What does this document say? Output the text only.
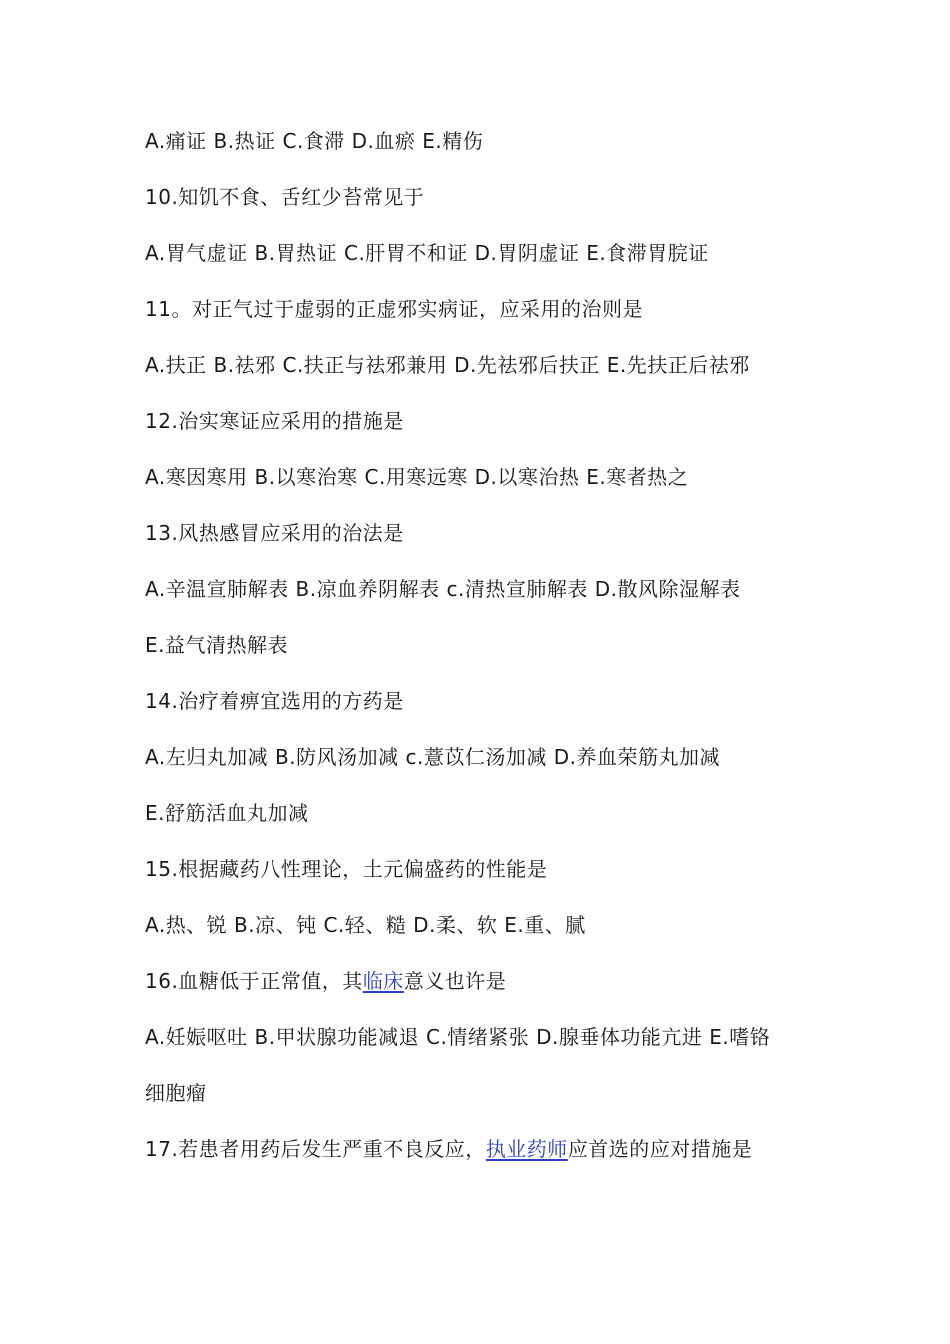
A.痛证 B.热证 C.食滞 D.血瘀 E.精伤
10.知饥不食、舌红少苔常见于
A.胃气虚证 B.胃热证 C.肝胃不和证 D.胃阴虚证 E.食滞胃脘证
11。对正气过于虚弱的正虚邪实病证，应采用的治则是
A.扶正 B.祛邪 C.扶正与祛邪兼用 D.先祛邪后扶正 E.先扶正后祛邪
12.治实寒证应采用的措施是
A.寒因寒用 B.以寒治寒 C.用寒远寒 D.以寒治热 E.寒者热之
13.风热感冒应采用的治法是
A.辛温宣肺解表 B.凉血养阴解表 c.清热宣肺解表 D.散风除湿解表
E.益气清热解表
14.治疗着痹宜选用的方药是
A.左归丸加减 B.防风汤加减 c.薏苡仁汤加减 D.养血荣筋丸加减
E.舒筋活血丸加减
15.根据藏药八性理论，土元偏盛药的性能是
A.热、锐 B.凉、钝 C.轻、糙 D.柔、软 E.重、腻
16.血糖低于正常值，其临床意义也许是
A.妊娠呕吐 B.甲状腺功能减退 C.情绪紧张 D.腺垂体功能亢进 E.嗜铬
细胞瘤
17.若患者用药后发生严重不良反应，执业药师应首选的应对措施是
